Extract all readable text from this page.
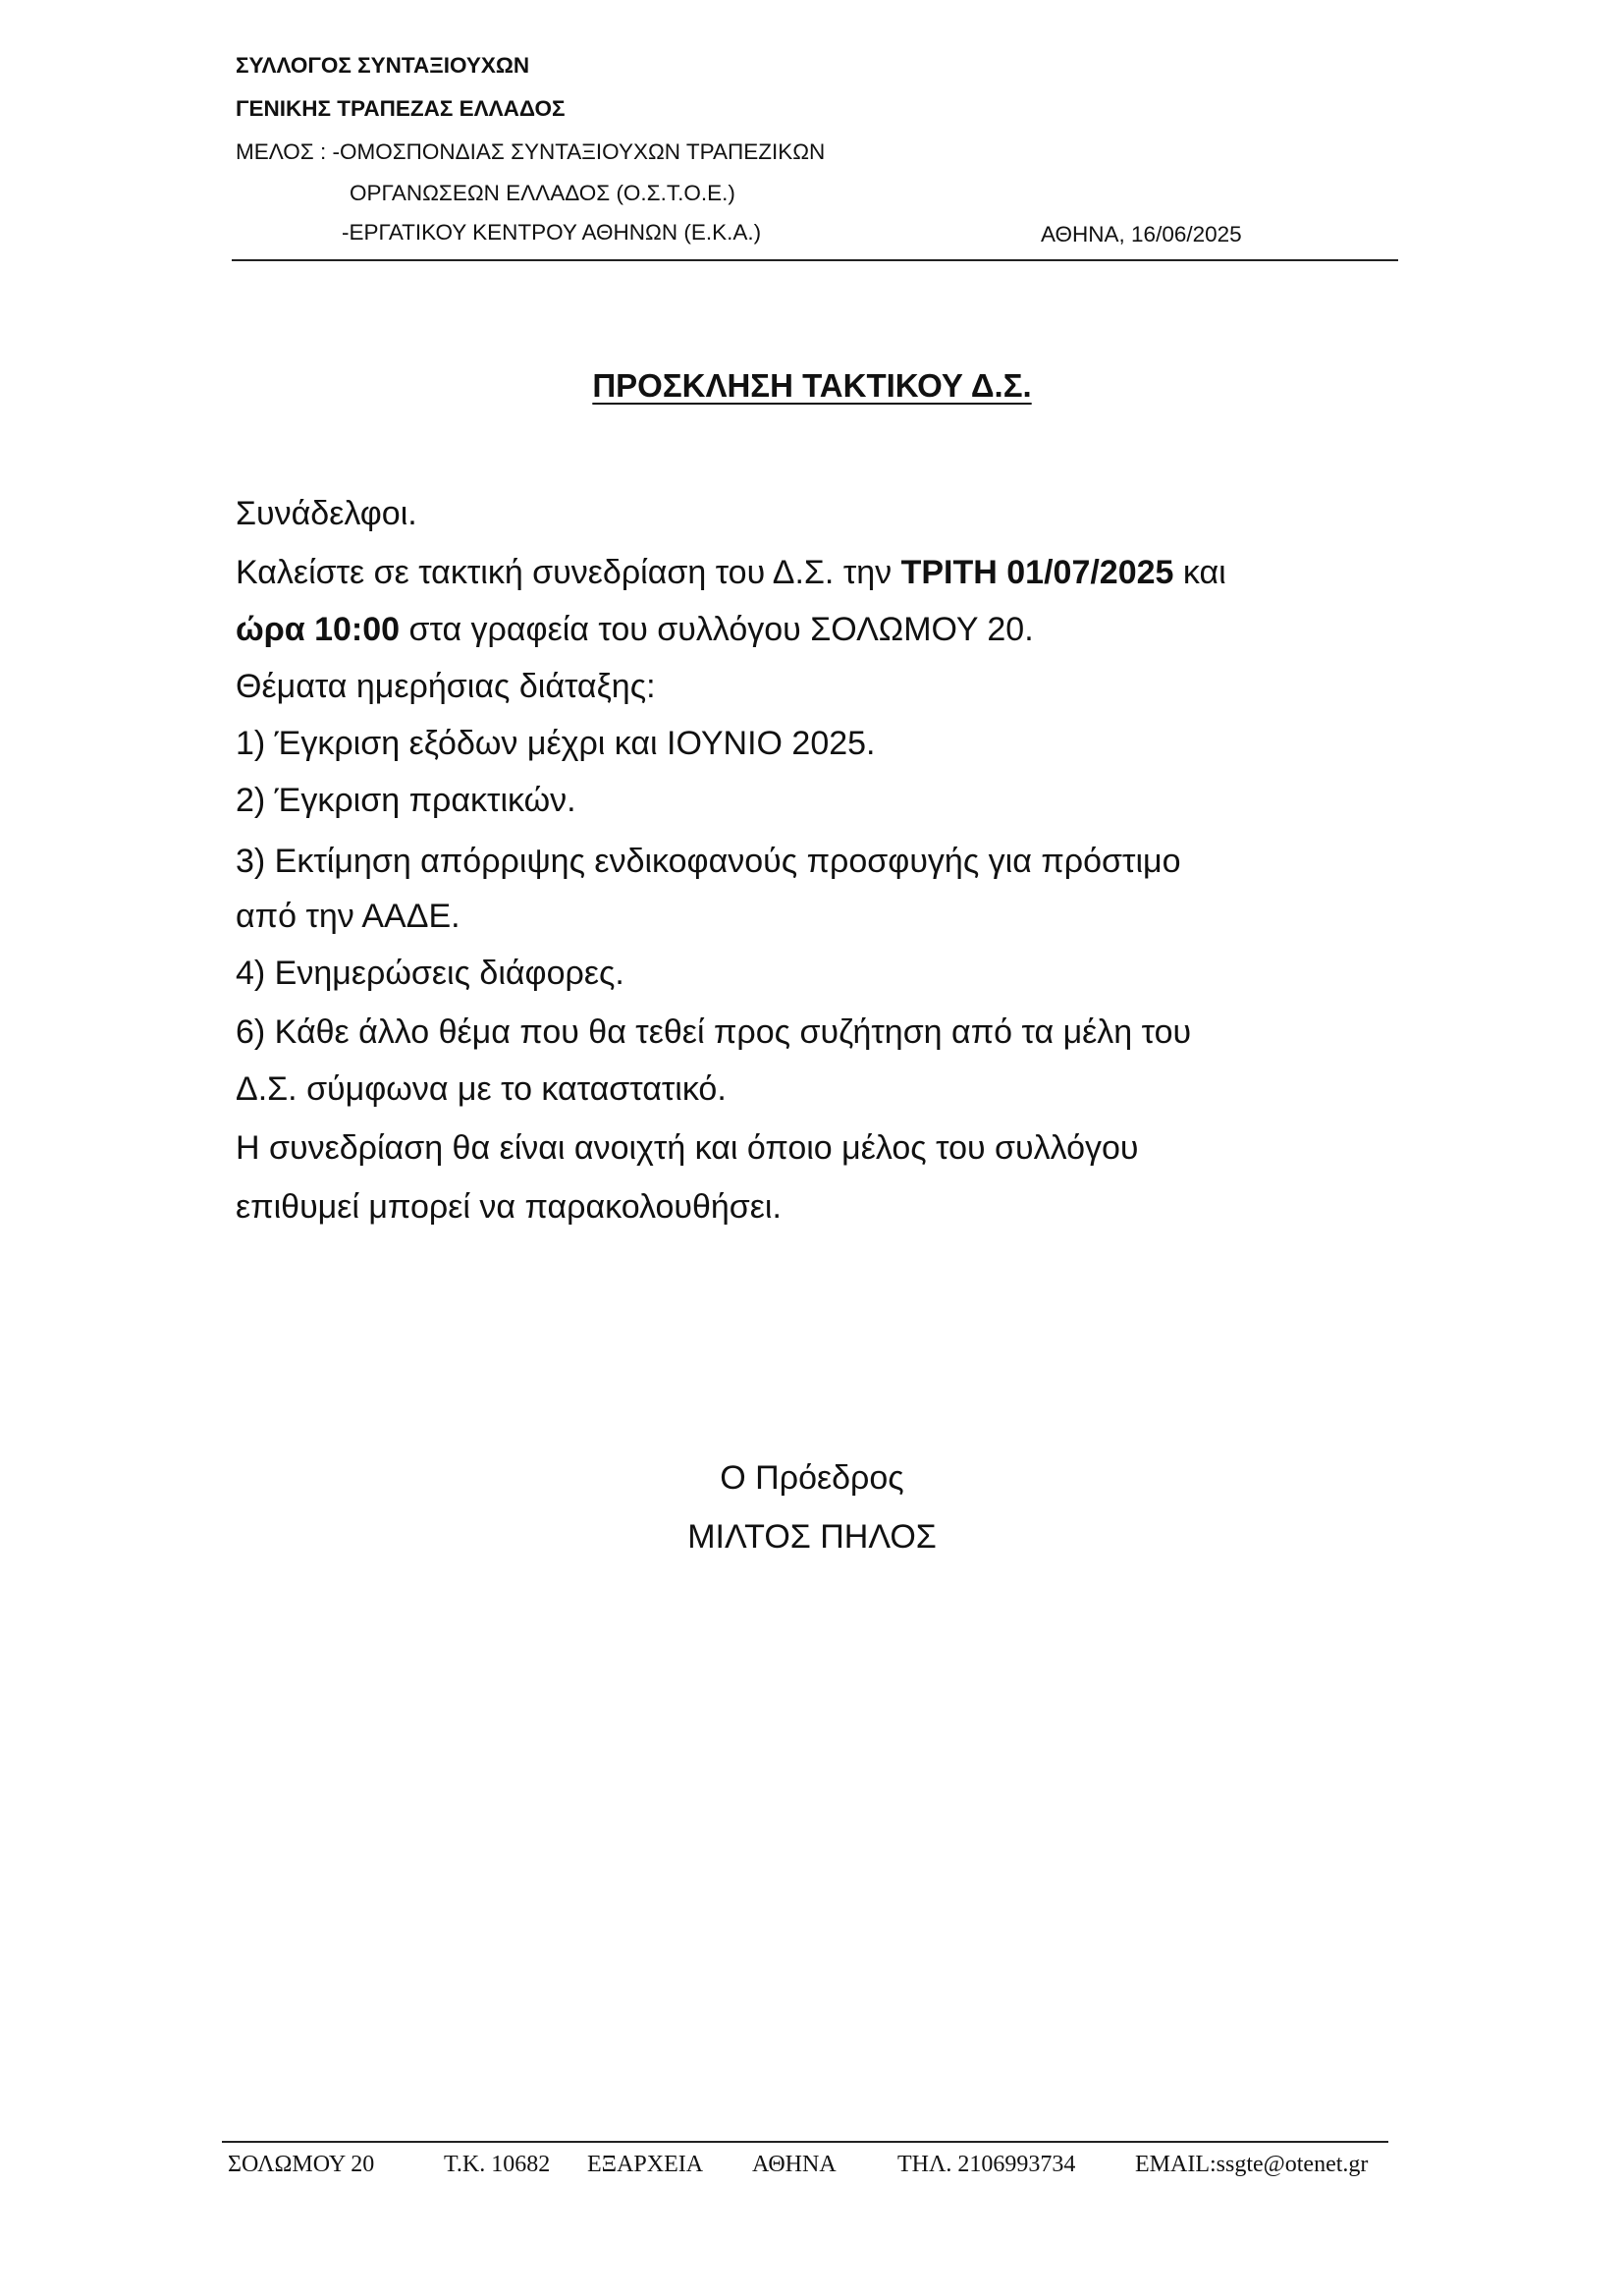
ΣΥΛΛΟΓΟΣ ΣΥΝΤΑΞΙΟΥΧΩΝ
ΓΕΝΙΚΗΣ ΤΡΑΠΕΖΑΣ ΕΛΛΑΔΟΣ
ΜΕΛΟΣ : -ΟΜΟΣΠΟΝΔΙΑΣ ΣΥΝΤΑΞΙΟΥΧΩΝ ΤΡΑΠΕΖΙΚΩΝ
ΟΡΓΑΝΩΣΕΩΝ ΕΛΛΑΔΟΣ (Ο.Σ.Τ.Ο.Ε.)
-ΕΡΓΑΤΙΚΟΥ ΚΕΝΤΡΟΥ ΑΘΗΝΩΝ (Ε.Κ.Α.)	ΑΘΗΝΑ, 16/06/2025
ΠΡΟΣΚΛΗΣΗ ΤΑΚΤΙΚΟΥ Δ.Σ.
Συνάδελφοι.
Καλείστε σε τακτική συνεδρίαση του Δ.Σ. την ΤΡΙΤΗ 01/07/2025 και
ώρα 10:00 στα γραφεία του συλλόγου ΣΟΛΩΜΟΥ 20.
Θέματα ημερήσιας διάταξης:
1) Έγκριση εξόδων μέχρι και ΙΟΥΝΙΟ 2025.
2) Έγκριση πρακτικών.
3) Εκτίμηση απόρριψης ενδικοφανούς προσφυγής για πρόστιμο
από την ΑΑΔΕ.
4) Ενημερώσεις διάφορες.
6) Κάθε άλλο θέμα που θα τεθεί προς συζήτηση από τα μέλη του
Δ.Σ. σύμφωνα με το καταστατικό.
Η συνεδρίαση θα είναι ανοιχτή και όποιο μέλος του συλλόγου
επιθυμεί μπορεί να παρακολουθήσει.
Ο Πρόεδρος
ΜΙΛΤΟΣ ΠΗΛΟΣ
ΣΟΛΩΜΟΥ 20	Τ.Κ. 10682 ΕΞΑΡΧΕΙΑ ΑΘΗΝΑ	ΤΗΛ. 2106993734	EMAIL:ssgte@otenet.gr
